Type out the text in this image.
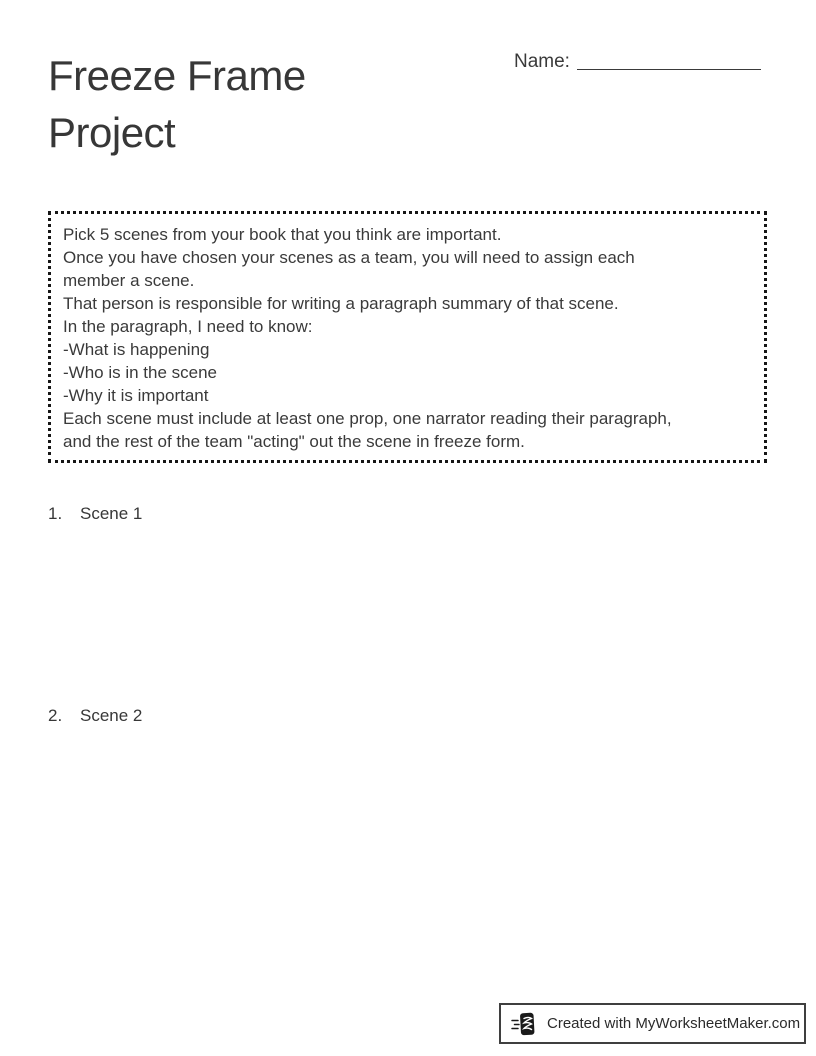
Freeze Frame Project
Name:

Pick 5 scenes from your book that you think are important.

Once you have chosen your scenes as a team, you will need to assign each

member a scene.

That person is responsible for writing a paragraph summary of that scene.

In the paragraph, I need to know:

-What is happening

-Who is in the scene

-Why it is important

Each scene must include at least one prop, one narrator reading their paragraph,

and the rest of the team "acting" out the scene in freeze form.

1.	Scene 1
2.	Scene 2
Created with MyWorksheetMaker.com
